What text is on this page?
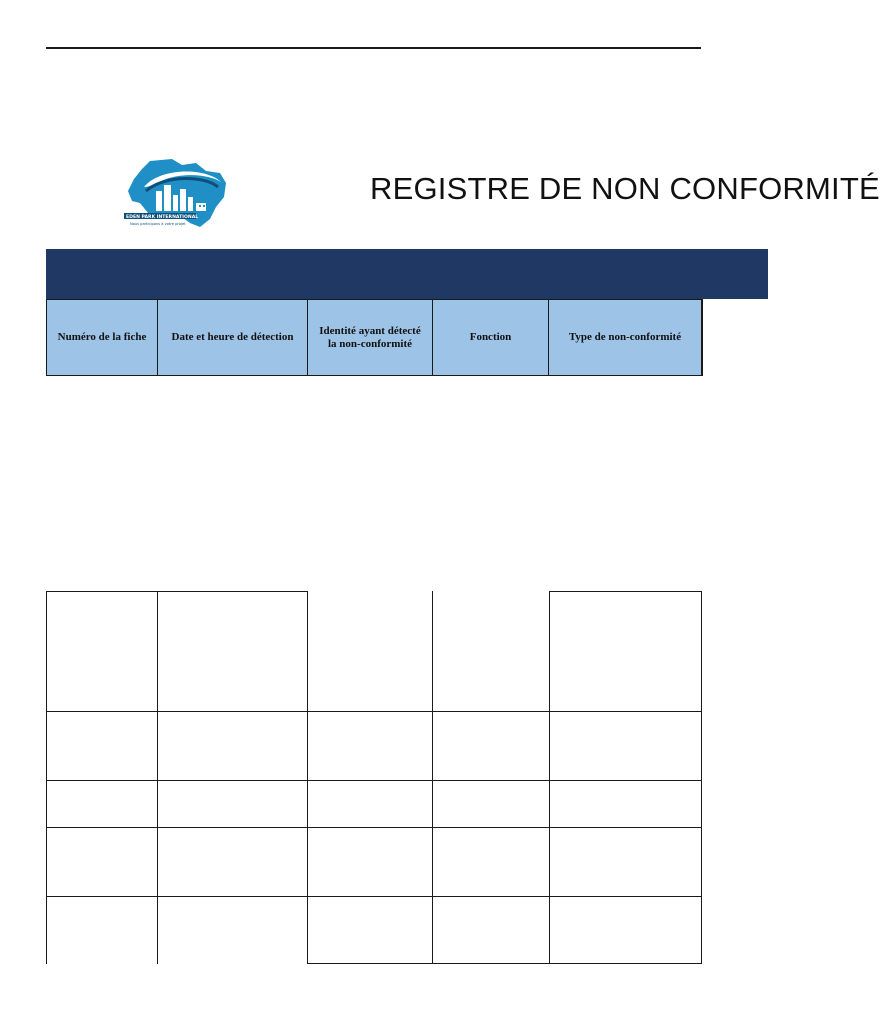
EDEN PARK INTERNATIONAL
Nous participons à votre projet
REGISTRE DE NON CONFORMITÉ
Numéro de la fiche	Date et heure de détection
Identité ayant détecté la non-conformité
Fonction	Type de non-conformité
